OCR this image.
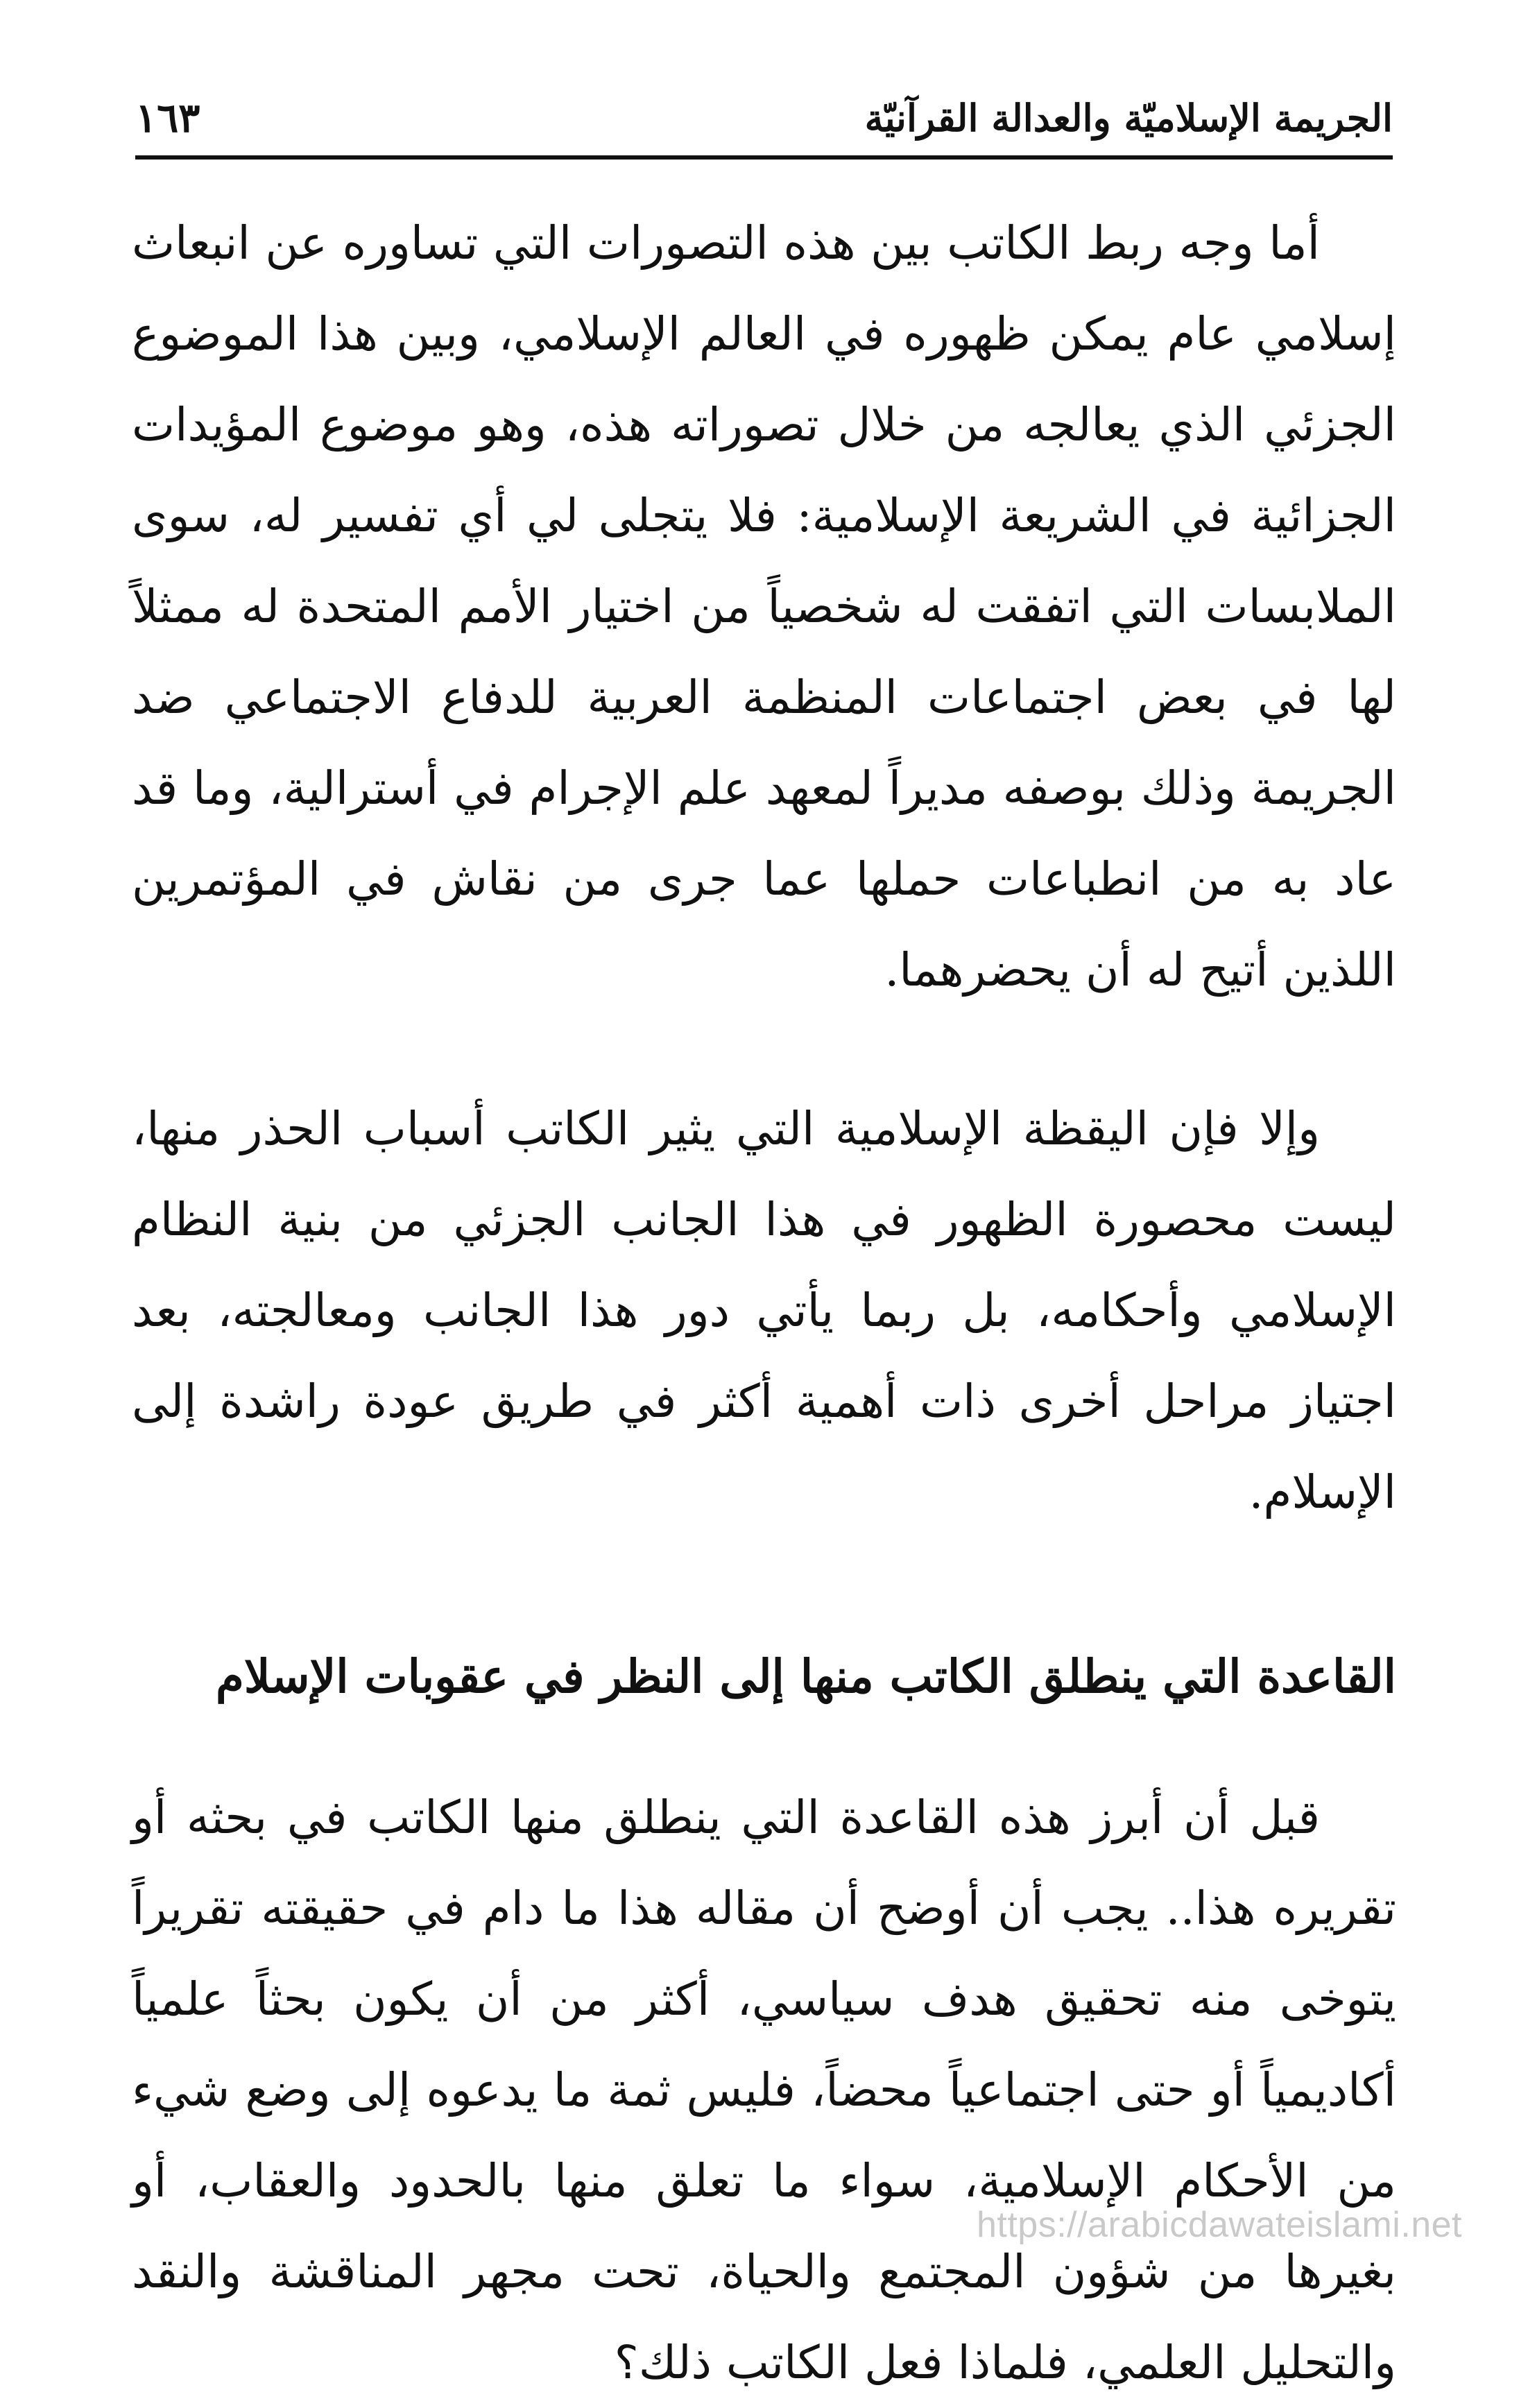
الجريمة الإسلاميّة والعدالة القرآنيّة
١٦٣

أما وجه ربط الكاتب بين هذه التصورات التي تساوره عن انبعاث إسلامي عام يمكن ظهوره في العالم الإسلامي، وبين هذا الموضوع الجزئي الذي يعالجه من خلال تصوراته هذه، وهو موضوع المؤيدات الجزائية في الشريعة الإسلامية: فلا يتجلى لي أي تفسير له، سوى الملابسات التي اتفقت له شخصياً من اختيار الأمم المتحدة له ممثلاً لها في بعض اجتماعات المنظمة العربية للدفاع الاجتماعي ضد الجريمة وذلك بوصفه مديراً لمعهد علم الإجرام في أسترالية، وما قد عاد به من انطباعات حملها عما جرى من نقاش في المؤتمرين اللذين أتيح له أن يحضرهما.

وإلا فإن اليقظة الإسلامية التي يثير الكاتب أسباب الحذر منها، ليست محصورة الظهور في هذا الجانب الجزئي من بنية النظام الإسلامي وأحكامه، بل ربما يأتي دور هذا الجانب ومعالجته، بعد اجتياز مراحل أخرى ذات أهمية أكثر في طريق عودة راشدة إلى الإسلام.

القاعدة التي ينطلق الكاتب منها إلى النظر في عقوبات الإسلام

قبل أن أبرز هذه القاعدة التي ينطلق منها الكاتب في بحثه أو تقريره هذا.. يجب أن أوضح أن مقاله هذا ما دام في حقيقته تقريراً يتوخى منه تحقيق هدف سياسي، أكثر من أن يكون بحثاً علمياً أكاديمياً أو حتى اجتماعياً محضاً، فليس ثمة ما يدعوه إلى وضع شيء من الأحكام الإسلامية، سواء ما تعلق منها بالحدود والعقاب، أو بغيرها من شؤون المجتمع والحياة، تحت مجهر المناقشة والنقد والتحليل العلمي، فلماذا فعل الكاتب ذلك؟

https://arabicdawateislami.net
